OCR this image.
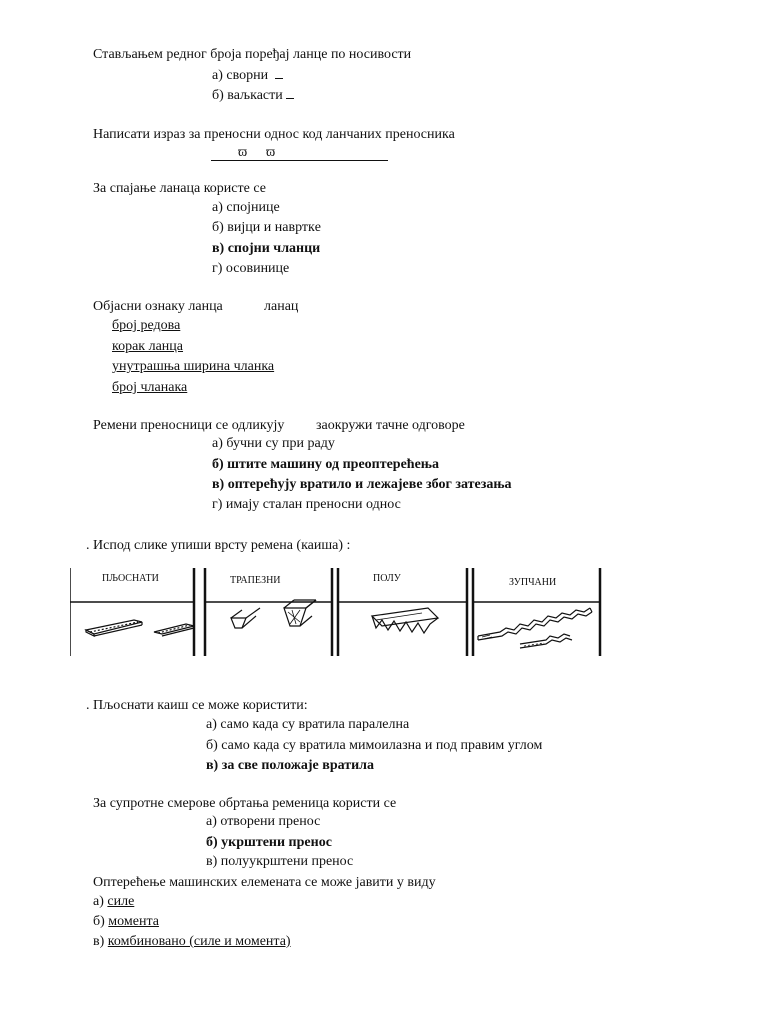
Стављањем редног броја поређај ланце по носивости
а) сворни
б) ваљкасти
Написати израз за преносни однос код ланчаних преносника
ϖ ϖ
За спајање ланаца користе се
а) спојнице
б) вијци и наврткe
в) спојни чланци
г) осовинице
Објасни ознаку ланца	ланац
број редова
корак ланца
унутрашња ширина чланка
број чланака
Ремени преносници се одликују заокружи тачне одговоре
а) бучни су при раду
б) штите машину од преоптерећења
в) оптерећују вратило и лежајеве због затезања
г) имају сталан преносни однос
. Испод слике упиши врсту ремена (каиша) :
ПЉОСНАТИ	ТРАПЕЗНИ	ПОЛУ	ЗУПЧАНИ
. Пљоснати каиш се може користити:
а) само када су вратила паралелна
б) само када су вратила мимоилазна и под правим углом
в) за све положаје вратила
За супротне смерове обртања ременица користи се
а) отворени пренос
б) укрштени пренос
в) полуукрштени пренос
Оптерећење машинских елемената се може јавити у виду
а) силе
б) момента
в) комбиновано (силе и момента)
